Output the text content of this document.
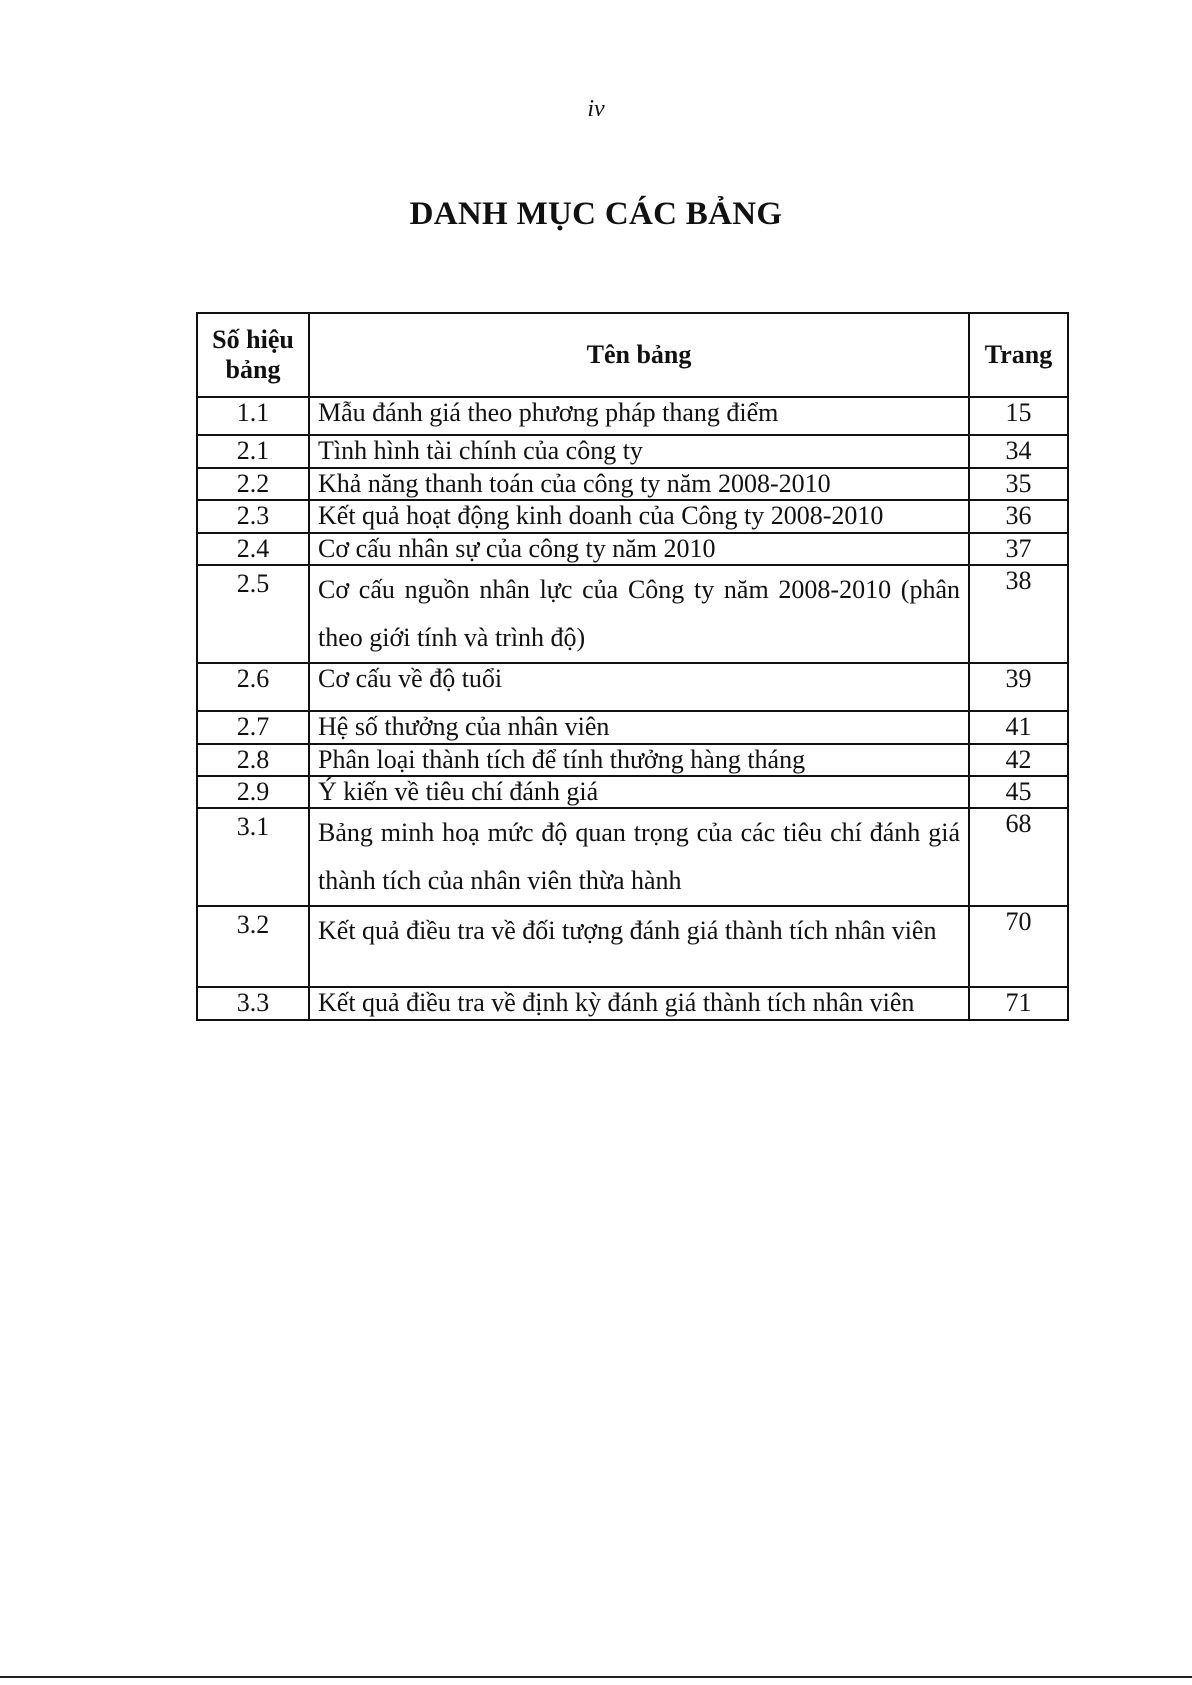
iv
DANH MỤC CÁC BẢNG
Số hiệu bảng	Tên bảng	Trang
1.1	Mẫu đánh giá theo phương pháp thang điểm	15
2.1	Tình hình tài chính của công ty	34
2.2	Khả năng thanh toán của công ty năm 2008-2010	35
2.3	Kết quả hoạt động kinh doanh của Công ty 2008-2010	36
2.4	Cơ cấu nhân sự của công ty năm 2010	37
2.5	Cơ cấu nguồn nhân lực của Công ty năm 2008-2010 (phân theo giới tính và trình độ)	38
2.6	Cơ cấu về độ tuổi	39
2.7	Hệ số thưởng của nhân viên	41
2.8	Phân loại thành tích để tính thưởng hàng tháng	42
2.9	Ý kiến về tiêu chí đánh giá	45
3.1	Bảng minh hoạ mức độ quan trọng của các tiêu chí đánh giá thành tích của nhân viên thừa hành	68
3.2	Kết quả điều tra về đối tượng đánh giá thành tích nhân viên	70
3.3	Kết quả điều tra về định kỳ đánh giá thành tích nhân viên	71
